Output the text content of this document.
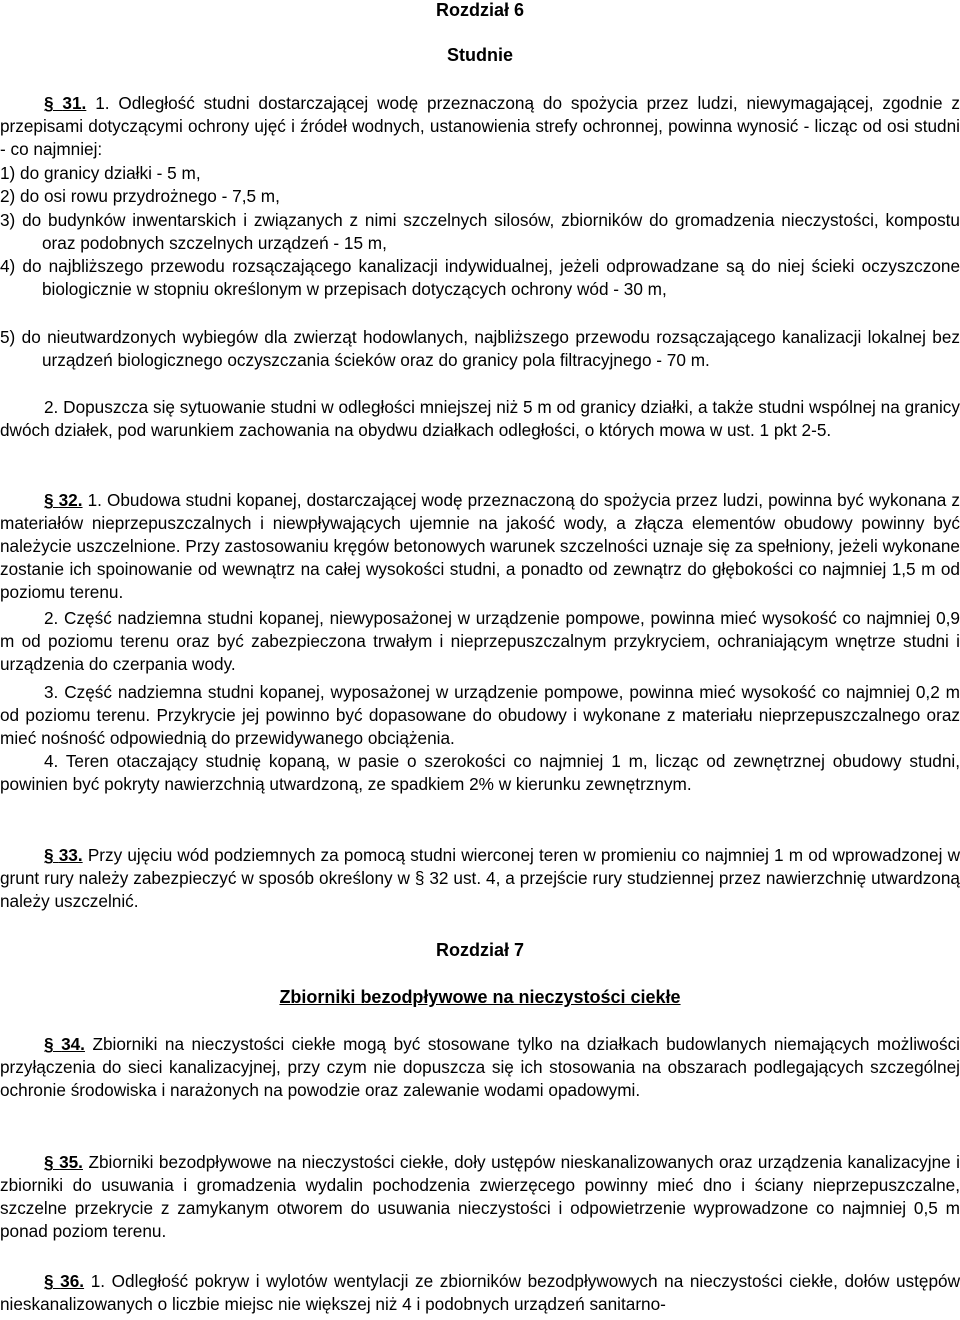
Rozdział 6
Studnie

§ 31. 1. Odległość studni dostarczającej wodę przeznaczoną do spożycia przez ludzi, niewymagającej, zgodnie z przepisami dotyczącymi ochrony ujęć i źródeł wodnych, ustanowienia strefy ochronnej, powinna wynosić - licząc od osi studni - co najmniej:

1) do granicy działki - 5 m,

2) do osi rowu przydrożnego - 7,5 m,

3) do budynków inwentarskich i związanych z nimi szczelnych silosów, zbiorników do gromadzenia nieczystości, kompostu oraz podobnych szczelnych urządzeń - 15 m,

4) do najbliższego przewodu rozsączającego kanalizacji indywidualnej, jeżeli odprowadzane są do niej ścieki oczyszczone biologicznie w stopniu określonym w przepisach dotyczących ochrony wód - 30 m,

5) do nieutwardzonych wybiegów dla zwierząt hodowlanych, najbliższego przewodu rozsączającego kanalizacji lokalnej bez urządzeń biologicznego oczyszczania ścieków oraz do granicy pola filtracyjnego - 70 m.

2. Dopuszcza się sytuowanie studni w odległości mniejszej niż 5 m od granicy działki, a także studni wspólnej na granicy dwóch działek, pod warunkiem zachowania na obydwu działkach odległości, o których mowa w ust. 1 pkt 2-5.

§ 32. 1. Obudowa studni kopanej, dostarczającej wodę przeznaczoną do spożycia przez ludzi, powinna być wykonana z materiałów nieprzepuszczalnych i niewpływających ujemnie na jakość wody, a złącza elementów obudowy powinny być należycie uszczelnione. Przy zastosowaniu kręgów betonowych warunek szczelności uznaje się za spełniony, jeżeli wykonane zostanie ich spoinowanie od wewnątrz na całej wysokości studni, a ponadto od zewnątrz do głębokości co najmniej 1,5 m od poziomu terenu.

2. Część nadziemna studni kopanej, niewyposażonej w urządzenie pompowe, powinna mieć wysokość co najmniej 0,9 m od poziomu terenu oraz być zabezpieczona trwałym i nieprzepuszczalnym przykryciem, ochraniającym wnętrze studni i urządzenia do czerpania wody.

3. Część nadziemna studni kopanej, wyposażonej w urządzenie pompowe, powinna mieć wysokość co najmniej 0,2 m od poziomu terenu. Przykrycie jej powinno być dopasowane do obudowy i wykonane z materiału nieprzepuszczalnego oraz mieć nośność odpowiednią do przewidywanego obciążenia.

4. Teren otaczający studnię kopaną, w pasie o szerokości co najmniej 1 m, licząc od zewnętrznej obudowy studni, powinien być pokryty nawierzchnią utwardzoną, ze spadkiem 2% w kierunku zewnętrznym.

§ 33. Przy ujęciu wód podziemnych za pomocą studni wierconej teren w promieniu co najmniej 1 m od wprowadzonej w grunt rury należy zabezpieczyć w sposób określony w § 32 ust. 4, a przejście rury studziennej przez nawierzchnię utwardzoną należy uszczelnić.

Rozdział 7
Zbiorniki bezodpływowe na nieczystości ciekłe

§ 34. Zbiorniki na nieczystości ciekłe mogą być stosowane tylko na działkach budowlanych niemających możliwości przyłączenia do sieci kanalizacyjnej, przy czym nie dopuszcza się ich stosowania na obszarach podlegających szczególnej ochronie środowiska i narażonych na powodzie oraz zalewanie wodami opadowymi.

§ 35. Zbiorniki bezodpływowe na nieczystości ciekłe, doły ustępów nieskanalizowanych oraz urządzenia kanalizacyjne i zbiorniki do usuwania i gromadzenia wydalin pochodzenia zwierzęcego powinny mieć dno i ściany nieprzepuszczalne, szczelne przekrycie z zamykanym otworem do usuwania nieczystości i odpowietrzenie wyprowadzone co najmniej 0,5 m ponad poziom terenu.

§ 36. 1. Odległość pokryw i wylotów wentylacji ze zbiorników bezodpływowych na nieczystości ciekłe, dołów ustępów nieskanalizowanych o liczbie miejsc nie większej niż 4 i podobnych urządzeń sanitarno-
